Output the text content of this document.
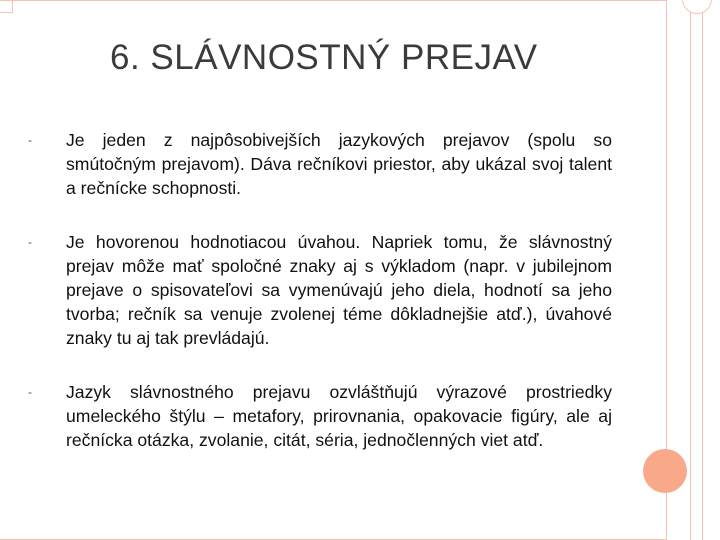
6. SLÁVNOSTNÝ PREJAV
- Je jeden z najpôsobivejších jazykových prejavov (spolu so smútočným prejavom). Dáva rečníkovi priestor, aby ukázal svoj talent a rečnícke schopnosti.
- Je hovorenou hodnotiacou úvahou. Napriek tomu, že slávnostný prejav môže mať spoločné znaky aj s výkladom (napr. v jubilejnom prejave o spisovateľovi sa vymenúvajú jeho diela, hodnotí sa jeho tvorba; rečník sa venuje zvolenej téme dôkladnejšie atď.), úvahové znaky tu aj tak prevládajú.
- Jazyk slávnostného prejavu ozvláštňujú výrazové prostriedky umeleckého štýlu – metafory, prirovnania, opakovacie figúry, ale aj rečnícka otázka, zvolanie, citát, séria, jednočlenných viet atď.
